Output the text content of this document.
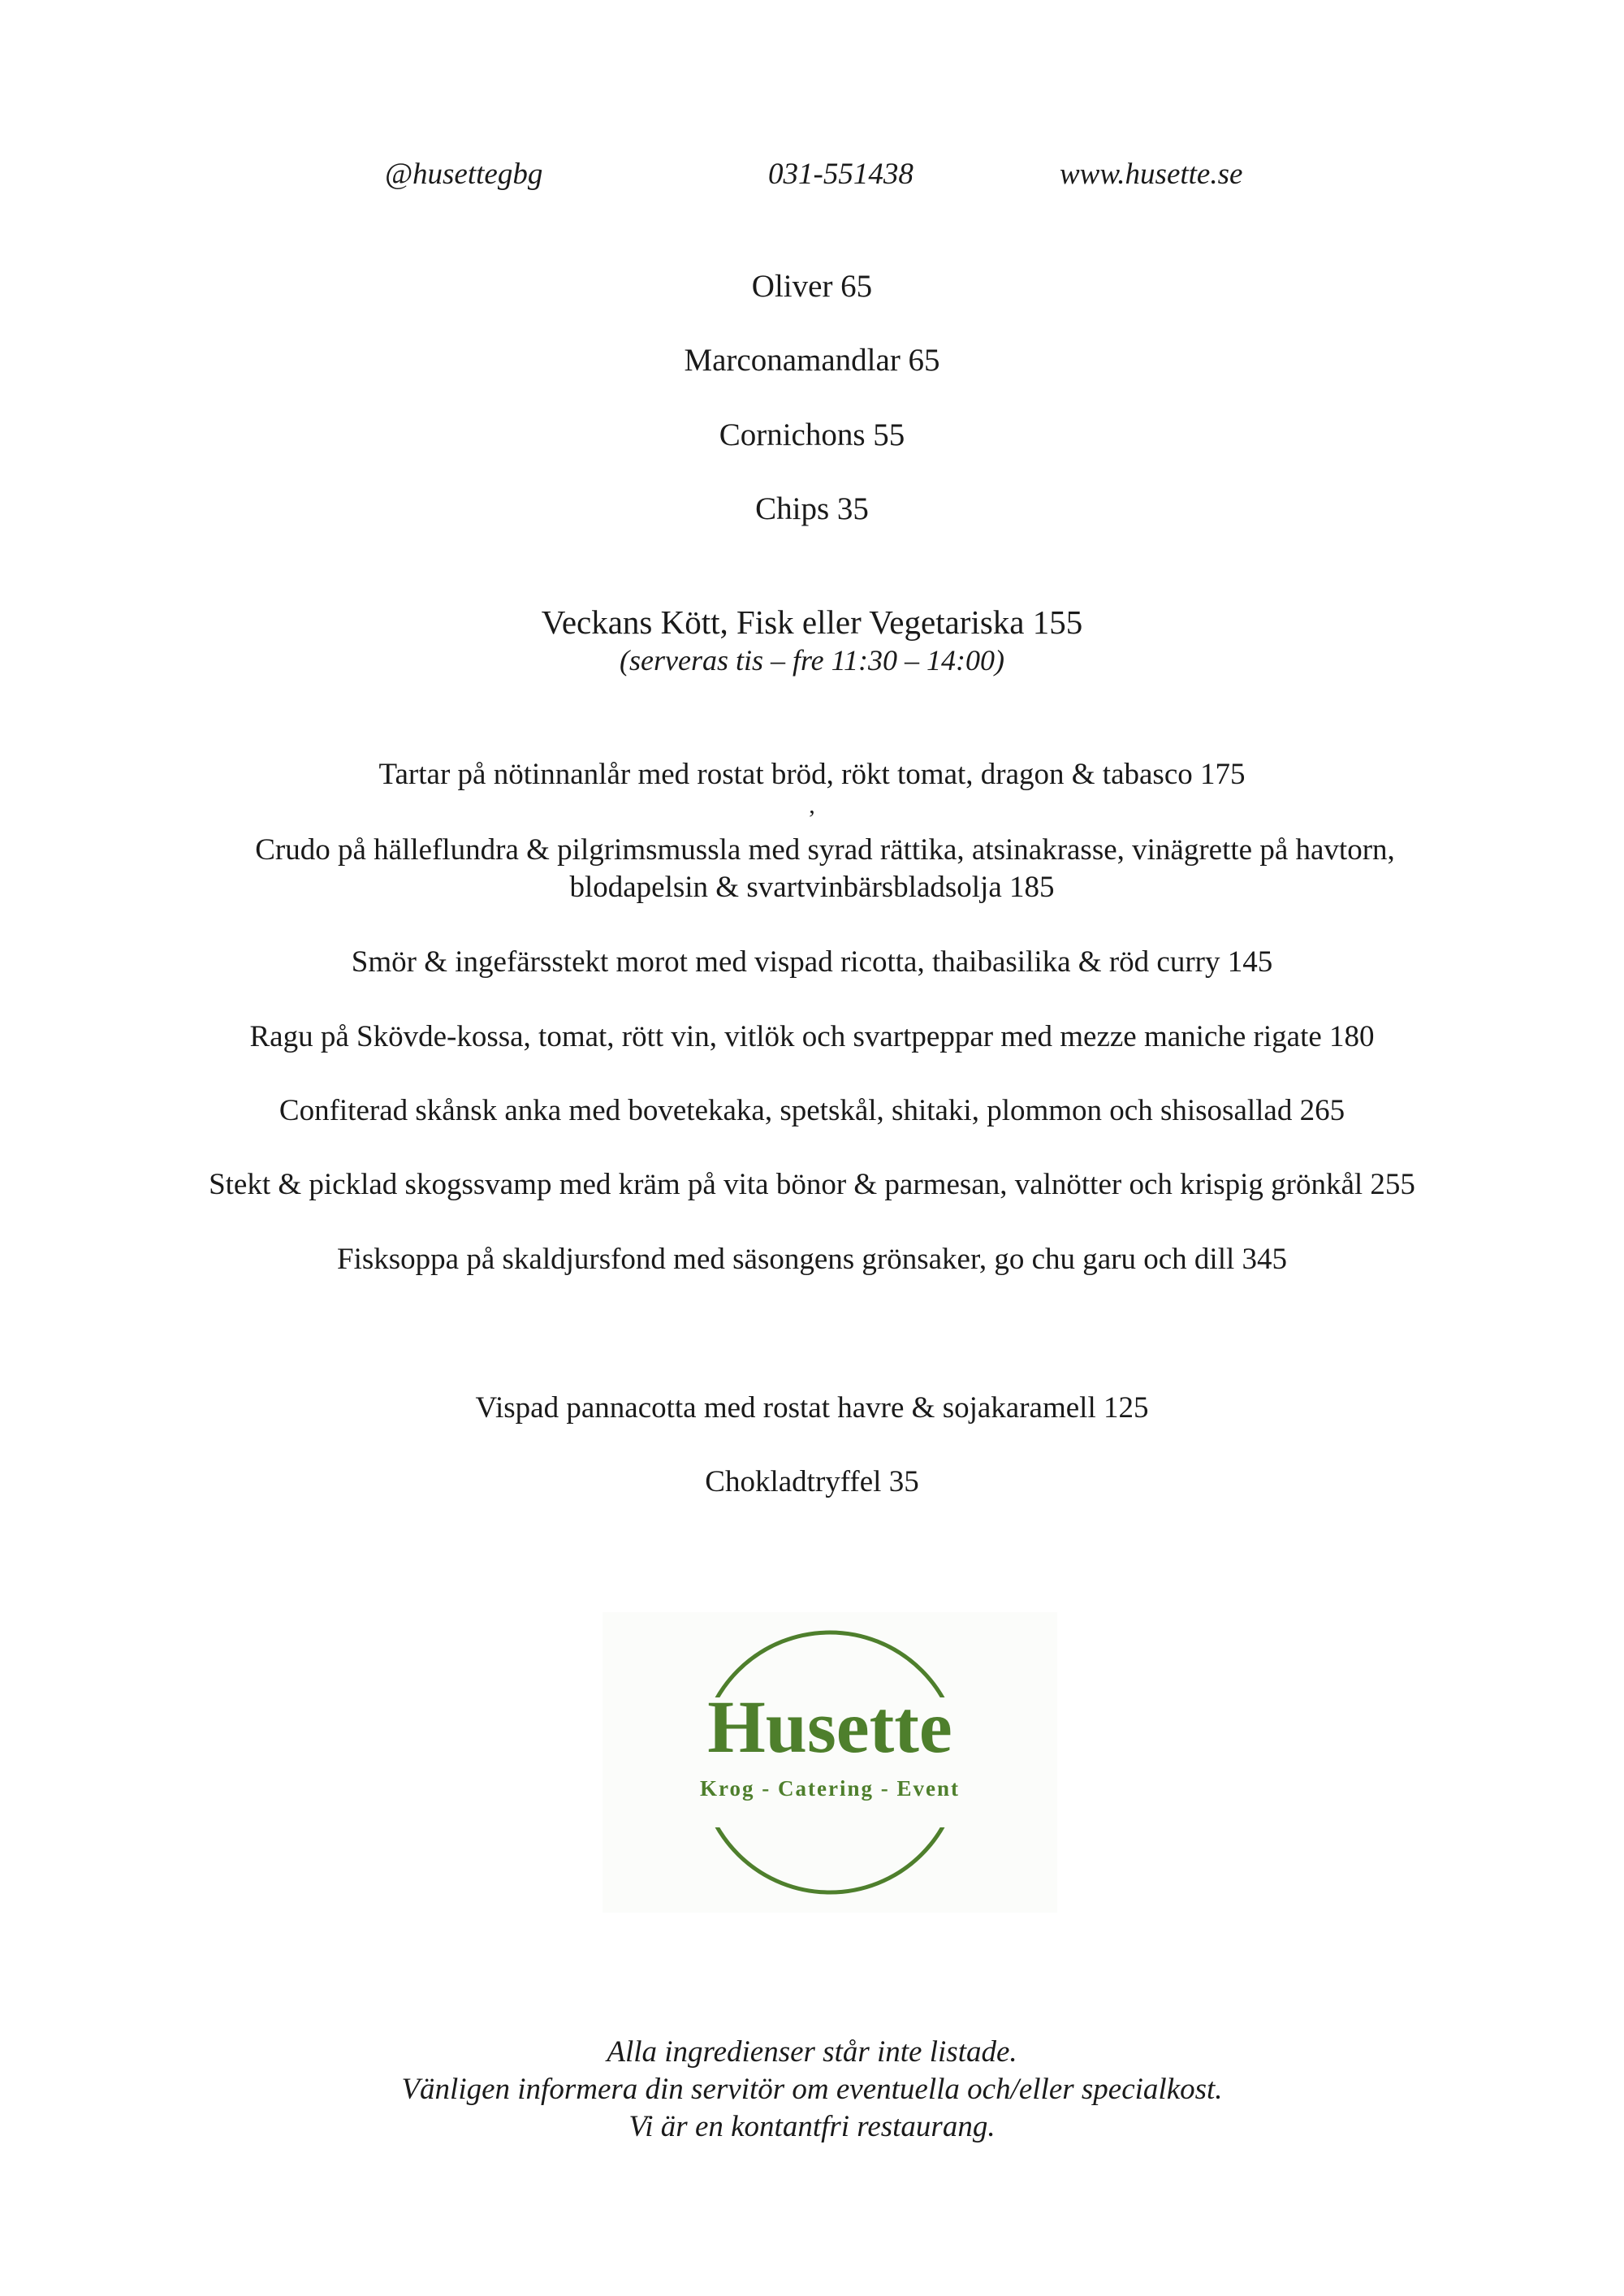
@husettegbg	031-551438	www.husette.se
Oliver 65
Marconamandlar 65
Cornichons 55
Chips 35
Veckans Kött, Fisk eller Vegetariska 155
(serveras tis – fre 11:30 – 14:00)
Tartar på nötinnanlår med rostat bröd, rökt tomat, dragon & tabasco 175
,
Crudo på hälleflundra & pilgrimsmussla med syrad rättika, atsinakrasse, vinägrette på havtorn,
blodapelsin & svartvinbärsbladsolja 185
Smör & ingefärsstekt morot med vispad ricotta, thaibasilika & röd curry 145
Ragu på Skövde-kossa, tomat, rött vin, vitlök och svartpeppar med mezze maniche rigate 180
Confiterad skånsk anka med bovetekaka, spetskål, shitaki, plommon och shisosallad 265
Stekt & picklad skogssvamp med kräm på vita bönor & parmesan, valnötter och krispig grönkål 255
Fisksoppa på skaldjursfond med säsongens grönsaker, go chu garu och dill 345
Vispad pannacotta med rostat havre & sojakaramell 125
Chokladtryffel 35
Husette
Krog - Catering - Event
Alla ingredienser står inte listade.
Vänligen informera din servitör om eventuella och/eller specialkost.
Vi är en kontantfri restaurang.
